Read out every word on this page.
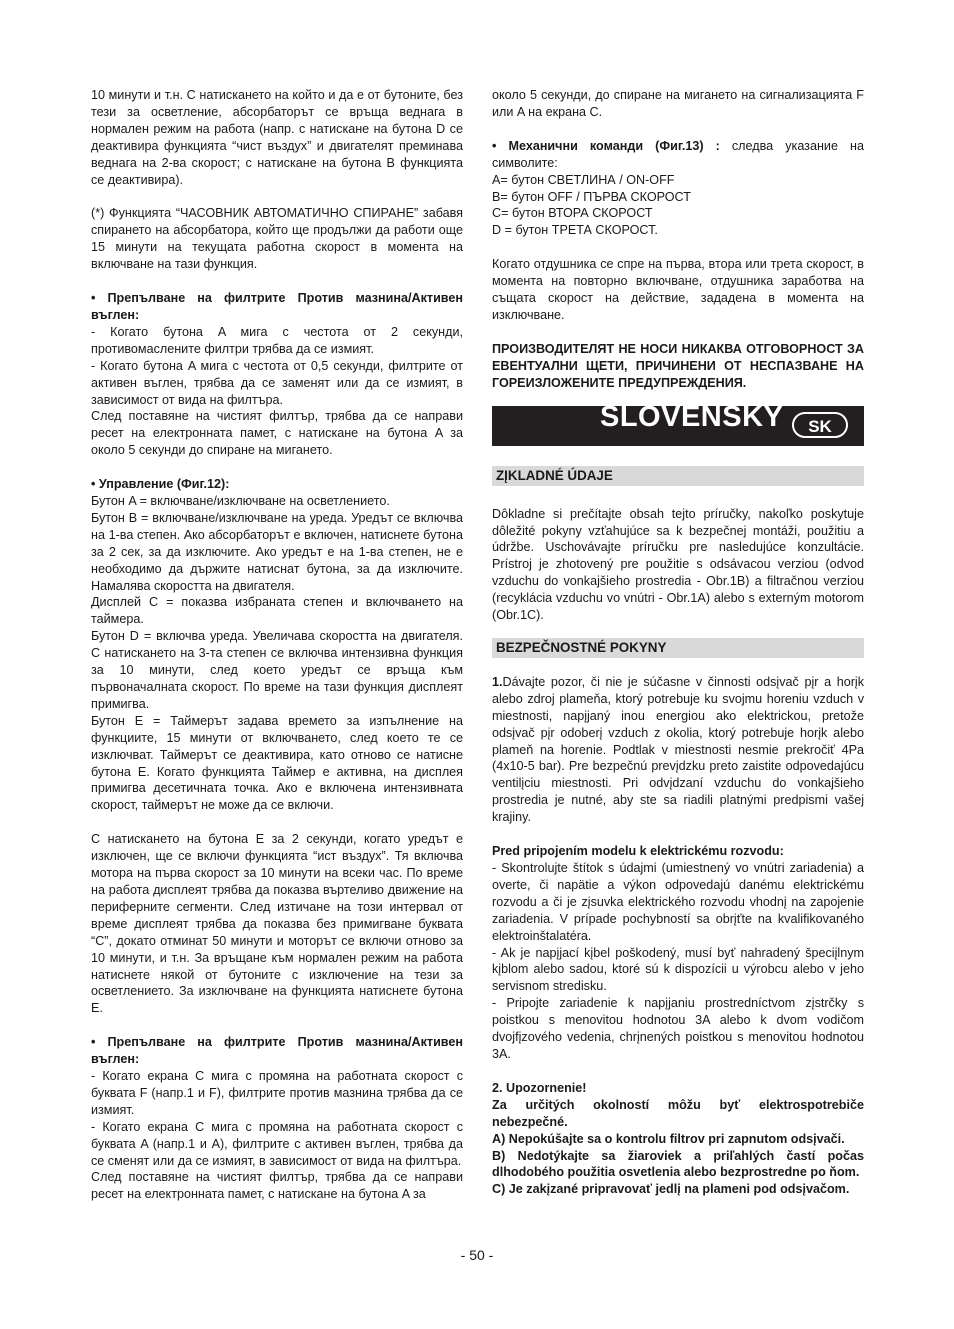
10 минути и т.н. С натискането на който и да е от бутоните, без тези за осветление, абсорбаторът се връща веднага в нормален режим на работа (напр. с натискане на бутона D се деактивира функцията “чист въздух” и двигателят преминава веднага на 2-ва скорост; с натискане на бутона B функцията се деактивира).

(*) Функцията “ЧАСОВНИК АВТОМАТИЧНО СПИРАНЕ” забавя спирането на абсорбатора, който ще продължи да работи още 15 минути на текущата работна скорост в момента на включване на тази функция.

• Препълване на филтрите Против мазнина/Активен въглен:

- Когато бутона A мига с честота от 2 секунди, противомаслените филтри трябва да се измият.

- Когато бутона A мига с честота от 0,5 секунди, филтрите от активен въглен, трябва да се заменят или да се измият, в зависимост от вида на филтъра.

След поставяне на чистият филтър, трябва да се направи ресет на електронната памет, с натискане на бутона A за около 5 секунди до спиране на мигането.

• Управление (Фиг.12):

Бутон A = включване/изключване на осветлението.

Бутон B = включване/изключване на уреда. Уредът се включва на 1-ва степен. Ако абсорбаторът е включен, натиснете бутона за 2 сек, за да изключите. Ако уредът е на 1-ва степен, не е необходимо да държите натиснат бутона, за да изключите. Намалява скоростта на двигателя.

Дисплей C = показва избраната степен и включването на таймера.

Бутон D = включва уреда. Увеличава скоростта на двигателя. С натискането на 3-та степен се включва интензивна функция за 10 минути, след което уредът се връща към първоначалната скорост. По време на тази функция дисплеят примигва.

Бутон E = Таймерът задава времето за изпълнение на функциите, 15 минути от включването, след което те се изключват. Таймерът се деактивира, като отново се натисне бутона E. Когато функцията Таймер е активна, на дисплея примигва десетичната точка. Ако е включена интензивната скорост, таймерът не може да се включи.

С натискането на бутона E за 2 секунди, когато уредът е изключен, ще се включи функцията “ист въздух”. Тя включва мотора на първа скорост за 10 минути на всеки час. По време на работа дисплеят трябва да показва въртеливо движение на периферните сегменти. След изтичане на този интервал от време дисплеят трябва да показва без примигване буквата “C”, докато отминат 50 минути и моторът се включи отново за 10 минути, и т.н. За връщане към нормален режим на работа натиснете някой от бутоните с изключение на тези за осветлението. За изключване на функцията натиснете бутона E.

• Препълване на филтрите Против мазнина/Активен въглен:

- Когато екрана C мига с промяна на работната скорост с буквата F (напр.1 и F), филтрите против мазнина трябва да се измият.

- Когато екрана C мига с промяна на работната скорост с буквата A (напр.1 и A), филтрите с активен въглен, трябва да се сменят или да се измият, в зависимост от вида на филтъра.

След поставяне на чистият филтър, трябва да се направи ресет на електронната памет, с натискане на бутона A за

около 5 секунди, до спиране на мигането на сигнализацията F или A на екрана C.

• Механични команди (Фиг.13) : следва указание на символите:

A= бутон СВЕТЛИНА / ON-OFF

B= бутон OFF / ПЪРВА СКОРОСТ

C= бутон ВТОРА СКОРОСТ

D = бутон ТРЕТА СКОРОСТ.

Когато отдушника се спре на първа, втора или трета скорост, в момента на повторно включване, отдушника заработва на същата скорост на действие, зададена в момента на изключване.

ПРОИЗВОДИТЕЛЯТ НЕ НОСИ НИКАКВА ОТГОВОРНОСТ ЗА ЕВЕНТУАЛНИ ЩЕТИ, ПРИЧИНЕНИ ОТ НЕСПАЗВАНЕ НА ГОРЕИЗЛОЖЕНИТЕ ПРЕДУПРЕЖДЕНИЯ.

SLOVENSKY	SK
ZĮKLADNÉ ÚDAJE

Dôkladne si prečítajte obsah tejto príručky, nakoľko poskytuje dôležité pokyny vzťahujúce sa k bezpečnej montáži, použitiu a údržbe. Uschovávajte príručku pre nasledujúce konzultácie. Prístroj je zhotovený pre použitie s odsávacou verziou (odvod vzduchu do vonkajšieho prostredia - Obr.1B) a filtračnou verziou (recyklácia vzduchu vo vnútri - Obr.1A) alebo s externým motorom (Obr.1C).

BEZPEČNOSTNÉ POKYNY

1.Dávajte pozor, či nie je súčasne v činnosti odsįvač pįr a horįk alebo zdroj plameňa, ktorý potrebuje ku svojmu horeniu vzduch v miestnosti, napįjaný inou energiou ako elektrickou, pretože odsįvač pįr odoberį vzduch z okolia, ktorý potrebuje horįk alebo plameň na horenie. Podtlak v miestnosti nesmie prekročiť 4Pa (4x10-5 bar). Pre bezpečnú prevįdzku preto zaistite odpovedajúcu ventilįciu miestnosti. Pri odvįdzaní vzduchu do vonkajšieho prostredia je nutné, aby ste sa riadili platnými predpismi vašej krajiny.

Pred pripojením modelu k elektrickému rozvodu:

- Skontrolujte štítok s údajmi (umiestnený vo vnútri zariadenia) a overte, či napätie a výkon odpovedajú danému elektrickému rozvodu a či je zįsuvka elektrického rozvodu vhodnį na zapojenie zariadenia. V prípade pochybností sa obrįťte na kvalifikovaného elektroinštalatéra.

- Ak je napįjací kįbel poškodený, musí byť nahradený špeciįlnym kįblom alebo sadou, ktoré sú k dispozícii u výrobcu alebo v jeho servisnom stredisku.

- Pripojte zariadenie k napįjaniu prostredníctvom zįstrčky s poistkou s menovitou hodnotou 3A alebo k dvom vodičom dvojfįzového vedenia, chrįnených poistkou s menovitou hodnotou 3A.

2. Upozornenie!

Za určitých okolností môžu byť elektrospotrebiče nebezpečné.

A) Nepokúšajte sa o kontrolu filtrov pri zapnutom odsįvači.

B) Nedotýkajte sa žiaroviek a priľahlých častí počas dlhodobého použitia osvetlenia alebo bezprostredne po ňom.

C) Je zakįzané pripravovať jedlį na plameni pod odsįvačom.

- 50 -
